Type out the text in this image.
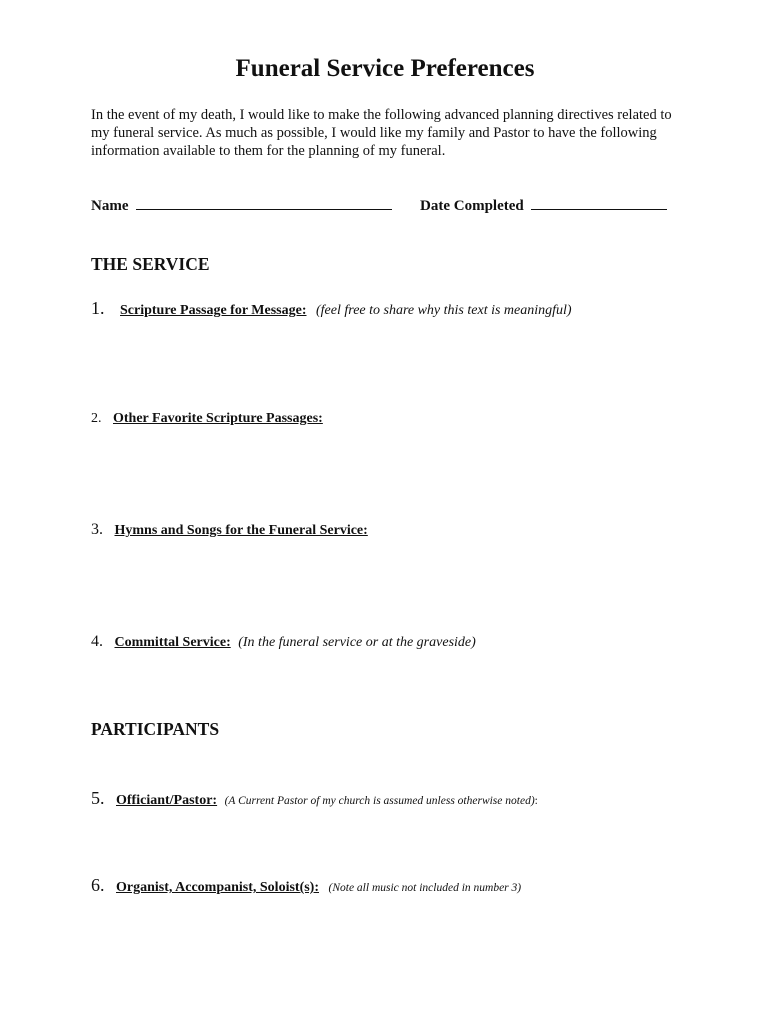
Funeral Service Preferences

In the event of my death, I would like to make the following advanced planning directives related to my funeral service. As much as possible, I would like my family and Pastor to have the following information available to them for the planning of my funeral.

Name	Date Completed
THE SERVICE
1. Scripture Passage for Message: (feel free to share why this text is meaningful)
2. Other Favorite Scripture Passages:
3. Hymns and Songs for the Funeral Service:
4. Committal Service: (In the funeral service or at the graveside)
PARTICIPANTS
5. Officiant/Pastor: (A Current Pastor of my church is assumed unless otherwise noted):
6. Organist, Accompanist, Soloist(s): (Note all music not included in number 3)
